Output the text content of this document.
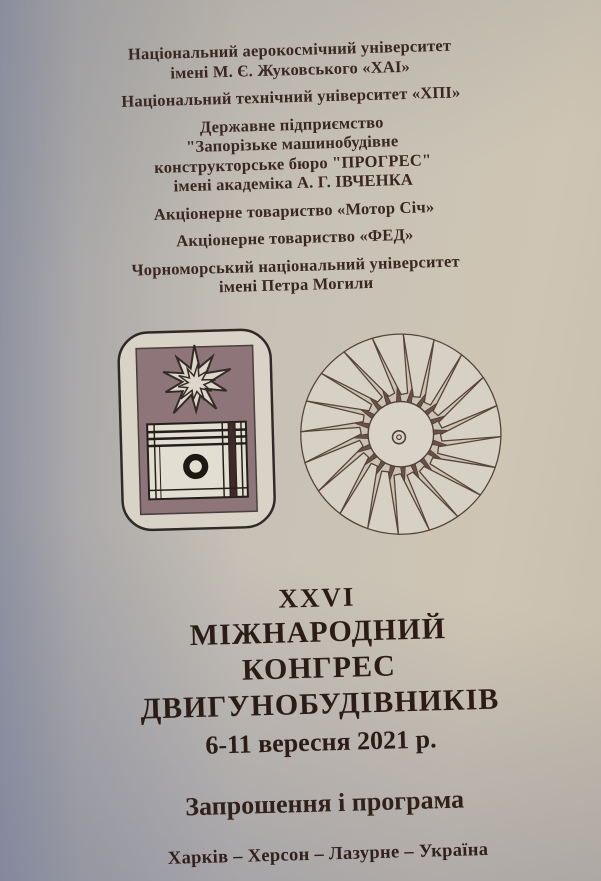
Національний аерокосмічний університет
імені М. Є. Жуковського «ХАІ»
Національний технічний університет «ХПІ»
Державне підприємство
"Запорізьке машинобудівне
конструкторське бюро "ПРОГРЕС"
імені академіка А. Г. ІВЧЕНКА
Акціонерне товариство «Мотор Січ»
Акціонерне товариство «ФЕД»
Чорноморський національний університет
імені Петра Могили
XXVI
МІЖНАРОДНИЙ
КОНГРЕС
ДВИГУНОБУДІВНИКІВ
6-11 вересня 2021 р.
Запрошення і програма
Харків – Херсон – Лазурне – Україна
